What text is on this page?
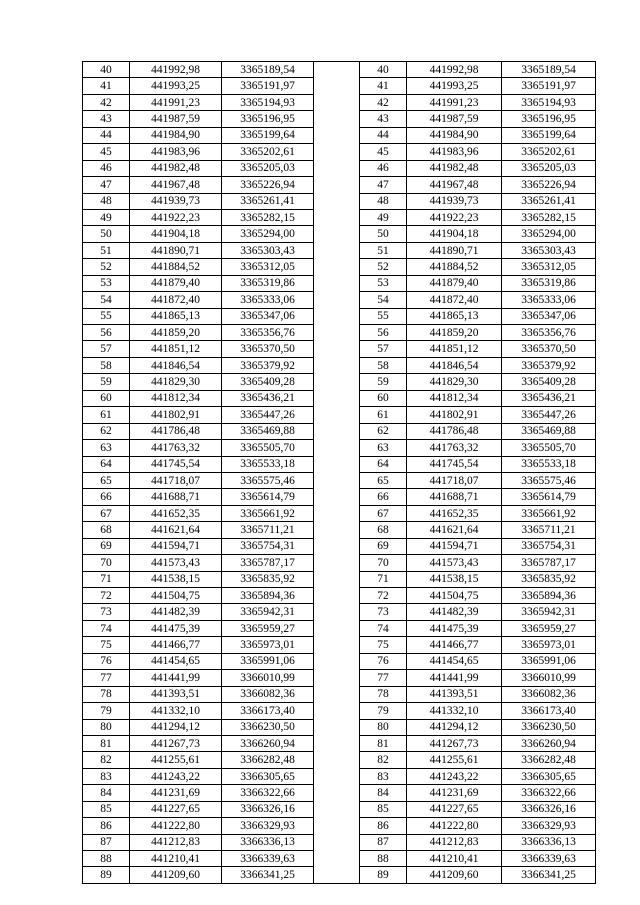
40	441992,98	3365189,54		40	441992,98	3365189,54
41	441993,25	3365191,97		41	441993,25	3365191,97
42	441991,23	3365194,93		42	441991,23	3365194,93
43	441987,59	3365196,95		43	441987,59	3365196,95
44	441984,90	3365199,64		44	441984,90	3365199,64
45	441983,96	3365202,61		45	441983,96	3365202,61
46	441982,48	3365205,03		46	441982,48	3365205,03
47	441967,48	3365226,94		47	441967,48	3365226,94
48	441939,73	3365261,41		48	441939,73	3365261,41
49	441922,23	3365282,15		49	441922,23	3365282,15
50	441904,18	3365294,00		50	441904,18	3365294,00
51	441890,71	3365303,43		51	441890,71	3365303,43
52	441884,52	3365312,05		52	441884,52	3365312,05
53	441879,40	3365319,86		53	441879,40	3365319,86
54	441872,40	3365333,06		54	441872,40	3365333,06
55	441865,13	3365347,06		55	441865,13	3365347,06
56	441859,20	3365356,76		56	441859,20	3365356,76
57	441851,12	3365370,50		57	441851,12	3365370,50
58	441846,54	3365379,92		58	441846,54	3365379,92
59	441829,30	3365409,28		59	441829,30	3365409,28
60	441812,34	3365436,21		60	441812,34	3365436,21
61	441802,91	3365447,26		61	441802,91	3365447,26
62	441786,48	3365469,88		62	441786,48	3365469,88
63	441763,32	3365505,70		63	441763,32	3365505,70
64	441745,54	3365533,18		64	441745,54	3365533,18
65	441718,07	3365575,46		65	441718,07	3365575,46
66	441688,71	3365614,79		66	441688,71	3365614,79
67	441652,35	3365661,92		67	441652,35	3365661,92
68	441621,64	3365711,21		68	441621,64	3365711,21
69	441594,71	3365754,31		69	441594,71	3365754,31
70	441573,43	3365787,17		70	441573,43	3365787,17
71	441538,15	3365835,92		71	441538,15	3365835,92
72	441504,75	3365894,36		72	441504,75	3365894,36
73	441482,39	3365942,31		73	441482,39	3365942,31
74	441475,39	3365959,27		74	441475,39	3365959,27
75	441466,77	3365973,01		75	441466,77	3365973,01
76	441454,65	3365991,06		76	441454,65	3365991,06
77	441441,99	3366010,99		77	441441,99	3366010,99
78	441393,51	3366082,36		78	441393,51	3366082,36
79	441332,10	3366173,40		79	441332,10	3366173,40
80	441294,12	3366230,50		80	441294,12	3366230,50
81	441267,73	3366260,94		81	441267,73	3366260,94
82	441255,61	3366282,48		82	441255,61	3366282,48
83	441243,22	3366305,65		83	441243,22	3366305,65
84	441231,69	3366322,66		84	441231,69	3366322,66
85	441227,65	3366326,16		85	441227,65	3366326,16
86	441222,80	3366329,93		86	441222,80	3366329,93
87	441212,83	3366336,13		87	441212,83	3366336,13
88	441210,41	3366339,63		88	441210,41	3366339,63
89	441209,60	3366341,25		89	441209,60	3366341,25
